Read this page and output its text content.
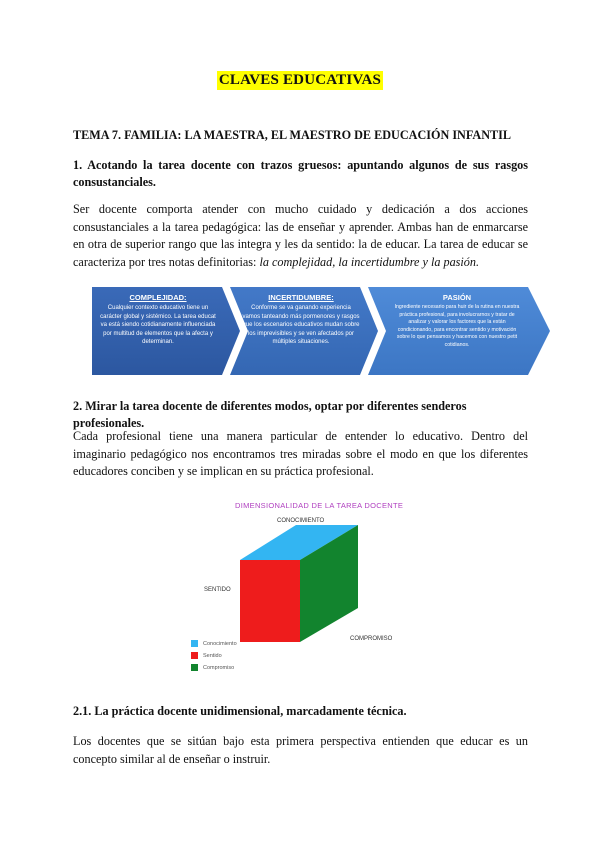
CLAVES EDUCATIVAS
TEMA 7. FAMILIA: LA MAESTRA, EL MAESTRO DE EDUCACIÓN INFANTIL
1. Acotando la tarea docente con trazos gruesos: apuntando algunos de sus rasgos consustanciales.
Ser docente comporta atender con mucho cuidado y dedicación a dos acciones consustanciales a la tarea pedagógica: las de enseñar y aprender. Ambas han de enmarcarse en otra de superior rango que las integra y les da sentido: la de educar. La tarea de educar se caracteriza por tres notas definitorias: la complejidad, la incertidumbre y la pasión.
COMPLEJIDAD:
Cualquier contexto educativo tiene un carácter global y sistémico. La tarea educat va está siendo cotidianamente influenciada por multitud de elementos que la afecta y determinan.
INCERTIDUMBRE:
Conforme se va ganando experiencia vamos tanteando más pormenores y rasgos que los escenarios educativos mudan sobre los imprevisibles y se ven afectados por múltiples situaciones.
PASIÓN
Ingrediente necesario para huir de la rutina en nuestra práctica profesional, para involucrarnos y tratar de analizar y valorar los factores que la están condicionando, para encontrar sentido y motivación sobre lo que pensamos y hacemos con nuestro petit cotidianos.
2. Mirar la tarea docente de diferentes modos, optar por diferentes senderos profesionales.
Cada profesional tiene una manera particular de entender lo educativo. Dentro del imaginario pedagógico nos encontramos tres miradas sobre el modo en que los diferentes educadores conciben y se implican en su práctica profesional.
DIMENSIONALIDAD DE LA TAREA DOCENTE
CONOCIMIENTO
SENTIDO
COMPROMISO
Conocimiento
Sentido
Compromiso
2.1. La práctica docente unidimensional, marcadamente técnica.
Los docentes que se sitúan bajo esta primera perspectiva entienden que educar es un concepto similar al de enseñar o instruir.
